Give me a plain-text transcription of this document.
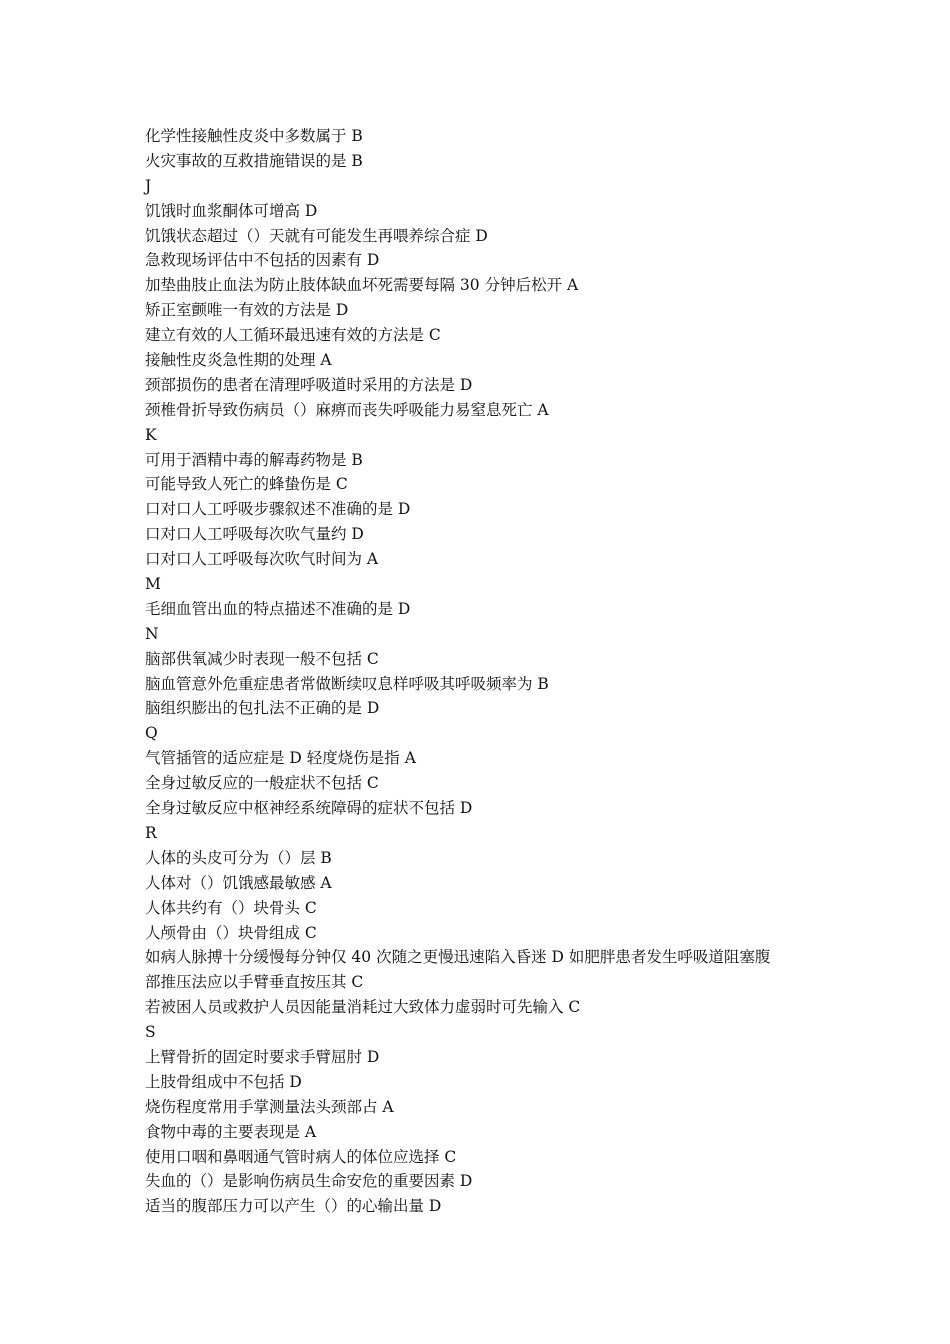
化学性接触性皮炎中多数属于 B

火灾事故的互救措施错误的是 B

J

饥饿时血浆酮体可增高 D

饥饿状态超过（）天就有可能发生再喂养综合症 D

急救现场评估中不包括的因素有 D

加垫曲肢止血法为防止肢体缺血坏死需要每隔 30 分钟后松开 A

矫正室颤唯一有效的方法是 D

建立有效的人工循环最迅速有效的方法是 C

接触性皮炎急性期的处理 A

颈部损伤的患者在清理呼吸道时采用的方法是 D

颈椎骨折导致伤病员（）麻痹而丧失呼吸能力易窒息死亡 A

K

可用于酒精中毒的解毒药物是 B

可能导致人死亡的蜂蛰伤是 C

口对口人工呼吸步骤叙述不准确的是 D

口对口人工呼吸每次吹气量约 D

口对口人工呼吸每次吹气时间为 A

M

毛细血管出血的特点描述不准确的是 D

N

脑部供氧减少时表现一般不包括 C

脑血管意外危重症患者常做断续叹息样呼吸其呼吸频率为 B

脑组织膨出的包扎法不正确的是 D

Q

气管插管的适应症是 D 轻度烧伤是指 A

全身过敏反应的一般症状不包括 C

全身过敏反应中枢神经系统障碍的症状不包括 D

R

人体的头皮可分为（）层 B

人体对（）饥饿感最敏感 A

人体共约有（）块骨头 C

人颅骨由（）块骨组成 C

如病人脉搏十分缓慢每分钟仅 40 次随之更慢迅速陷入昏迷 D 如肥胖患者发生呼吸道阻塞腹

部推压法应以手臂垂直按压其 C

若被困人员或救护人员因能量消耗过大致体力虚弱时可先输入 C

S

上臂骨折的固定时要求手臂屈肘 D

上肢骨组成中不包括 D

烧伤程度常用手掌测量法头颈部占 A

食物中毒的主要表现是 A

使用口咽和鼻咽通气管时病人的体位应选择 C

失血的（）是影响伤病员生命安危的重要因素 D

适当的腹部压力可以产生（）的心输出量 D
